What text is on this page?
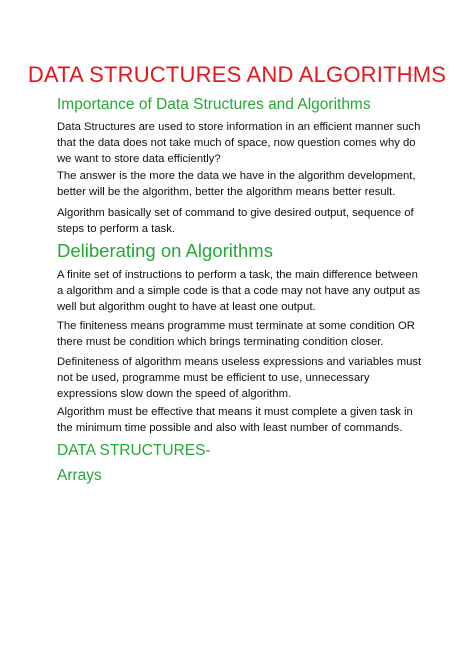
DATA STRUCTURES AND ALGORITHMS
Importance of Data Structures and Algorithms

Data Structures are used to store information in an efficient manner such that the data does not take much of space, now question comes why do we want to store data efficiently?

The answer is the more the data we have in the algorithm development, better will be the algorithm, better the algorithm means better result.

Algorithm basically set of command to give desired output, sequence of steps to perform a task.

Deliberating on Algorithms

A finite set of instructions to perform a task, the main difference between a algorithm and a simple code is that a code may not have any output as well but algorithm ought to have at least one output.

The finiteness means programme must terminate at some condition OR there must be condition which brings terminating condition closer.

Definiteness of algorithm means useless expressions and variables must not be used, programme must be efficient to use, unnecessary expressions slow down the speed of algorithm.

Algorithm must be effective that means it must complete a given task in the minimum time possible and also with least number of commands.

DATA STRUCTURES-
Arrays
